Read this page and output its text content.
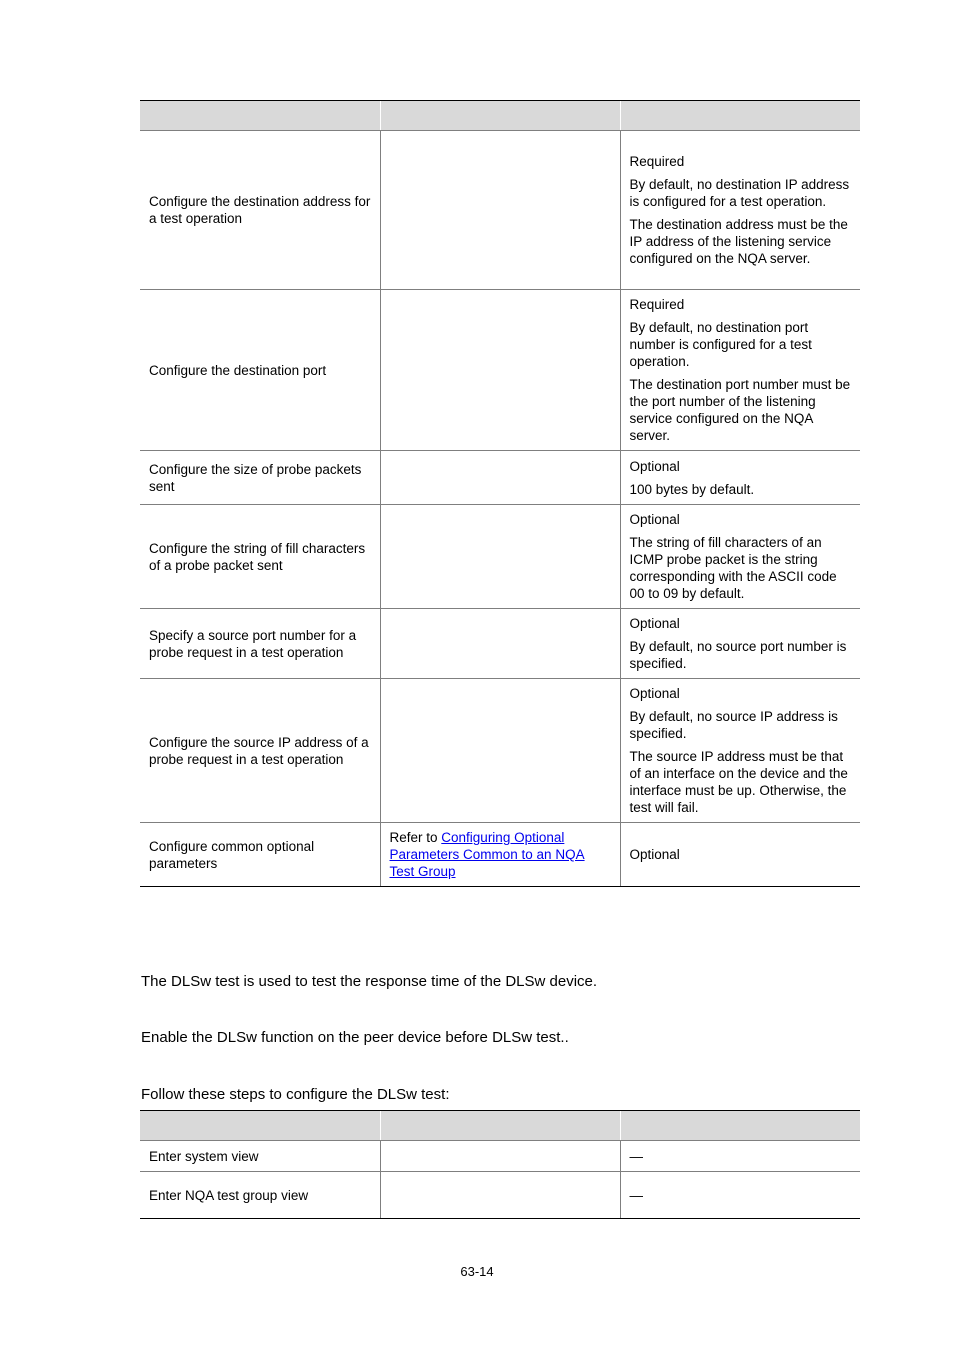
Configure the destination address for a test operation		Required

By default, no destination IP address is configured for a test operation.

The destination address must be the IP address of the listening service configured on the NQA server.

Configure the destination port		Required

By default, no destination port number is configured for a test operation.

The destination port number must be the port number of the listening service configured on the NQA server.

Configure the size of probe packets sent		Optional

100 bytes by default.

Configure the string of fill characters of a probe packet sent		Optional

The string of fill characters of an ICMP probe packet is the string corresponding with the ASCII code 00 to 09 by default.

Specify a source port number for a probe request in a test operation		Optional

By default, no source port number is specified.

Configure the source IP address of a probe request in a test operation		Optional

By default, no source IP address is specified.

The source IP address must be that of an interface on the device and the interface must be up. Otherwise, the test will fail.

Configure common optional parameters	Refer to Configuring Optional Parameters Common to an NQA Test Group	Optional

The DLSw test is used to test the response time of the DLSw device.

Enable the DLSw function on the peer device before DLSw test..

Follow these steps to configure the DLSw test:

Enter system view		—
Enter NQA test group view		—

63-14
